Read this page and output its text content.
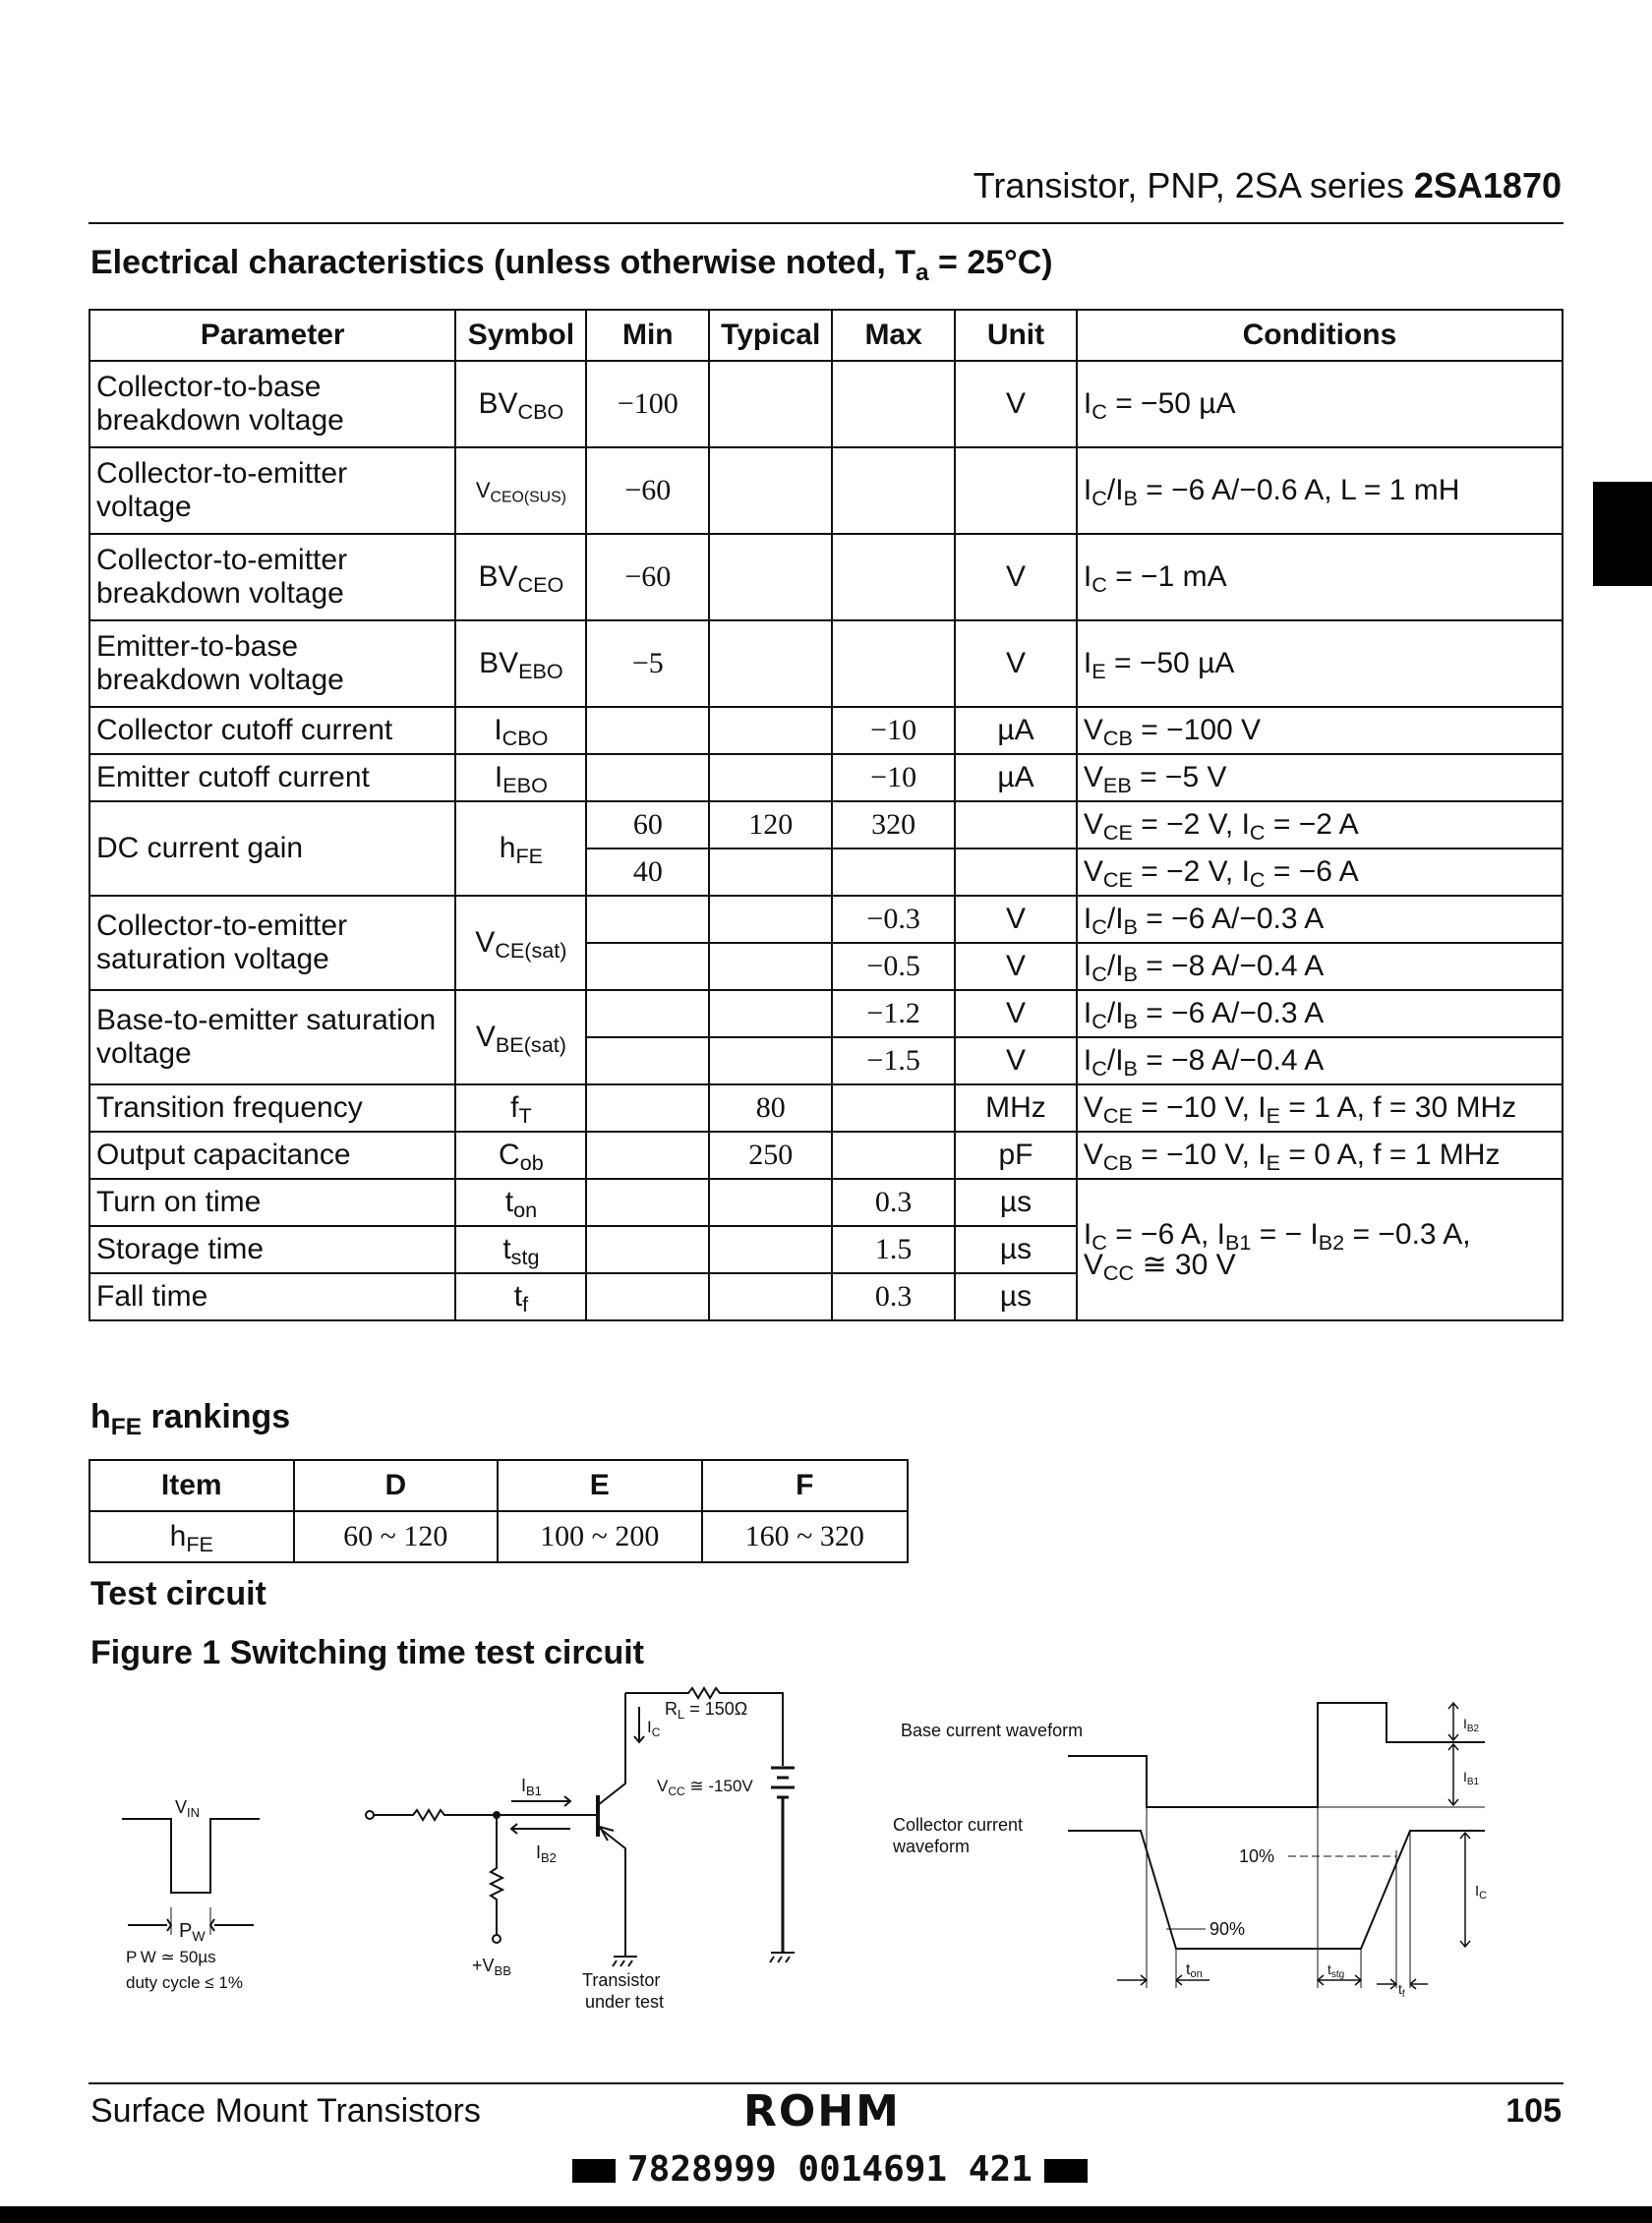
Transistor, PNP, 2SA series 2SA1870
Electrical characteristics (unless otherwise noted, $T_a = 25^\circ C$)
Parameter	Symbol	Min	Typical	Max	Unit	Conditions
Collector-to-base breakdown voltage	$BV_{CBO}$	−100			V	$I_C = -50$ µA
Collector-to-emitter voltage	$V_{CEO(SUS)}$	−60				$I_C/I_B = -6$ A/−0.6 A, L = 1 mH
Collector-to-emitter breakdown voltage	$BV_{CEO}$	−60			V	$I_C = -1$ mA
Emitter-to-base breakdown voltage	$BV_{EBO}$	−5			V	$I_E = -50$ µA
Collector cutoff current	$I_{CBO}$			−10	µA	$V_{CB} = -100$ V
Emitter cutoff current	$I_{EBO}$			−10	µA	$V_{EB} = -5$ V
DC current gain	$h_{FE}$	60	120	320		$V_{CE} = -2$ V, $I_C = -2$ A
		40				$V_{CE} = -2$ V, $I_C = -6$ A
Collector-to-emitter saturation voltage	$V_{CE(sat)}$			−0.3	V	$I_C/I_B = -6$ A/−0.3 A
				−0.5	V	$I_C/I_B = -8$ A/−0.4 A
Base-to-emitter saturation voltage	$V_{BE(sat)}$			−1.2	V	$I_C/I_B = -6$ A/−0.3 A
				−1.5	V	$I_C/I_B = -8$ A/−0.4 A
Transition frequency	$f_T$		80		MHz	$V_{CE} = -10$ V, $I_E = 1$ A, f = 30 MHz
Output capacitance	$C_{ob}$		250		pF	$V_{CB} = -10$ V, $I_E = 0$ A, f = 1 MHz
Turn on time	$t_{on}$			0.3	µs	$I_C = -6$ A, $I_{B1}$ = − $I_{B2} = -0.3$ A,
$V_{CC}$ ≅ 30 V

Storage time	$t_{stg}$			1.5	µs	
Fall time	$t_f$			0.3	µs	
$h_{FE}$ rankings
Item	D	E	F
$h_{FE}$	60 ~ 120	100 ~ 200	160 ~ 320
Test circuit
Figure 1 Switching time test circuit
$V_{IN}$
$P_W$
P W ≃ 50µs
duty cycle ≤ 1%
$I_{B1}$
$I_{B2}$
$+V_{BB}$	Transistor
under test
$I_C$
$R_L = 150\Omega$
$V_{CC}$ ≅ -150V
Base current waveform	$I_{B2}$
$I_{B1}$
Collector current
waveform
$I_C$
10%
90%
ton	$t_{stg}$
$t_f$
Surface Mount Transistors	ROHM	105
7828999 0014691 421
